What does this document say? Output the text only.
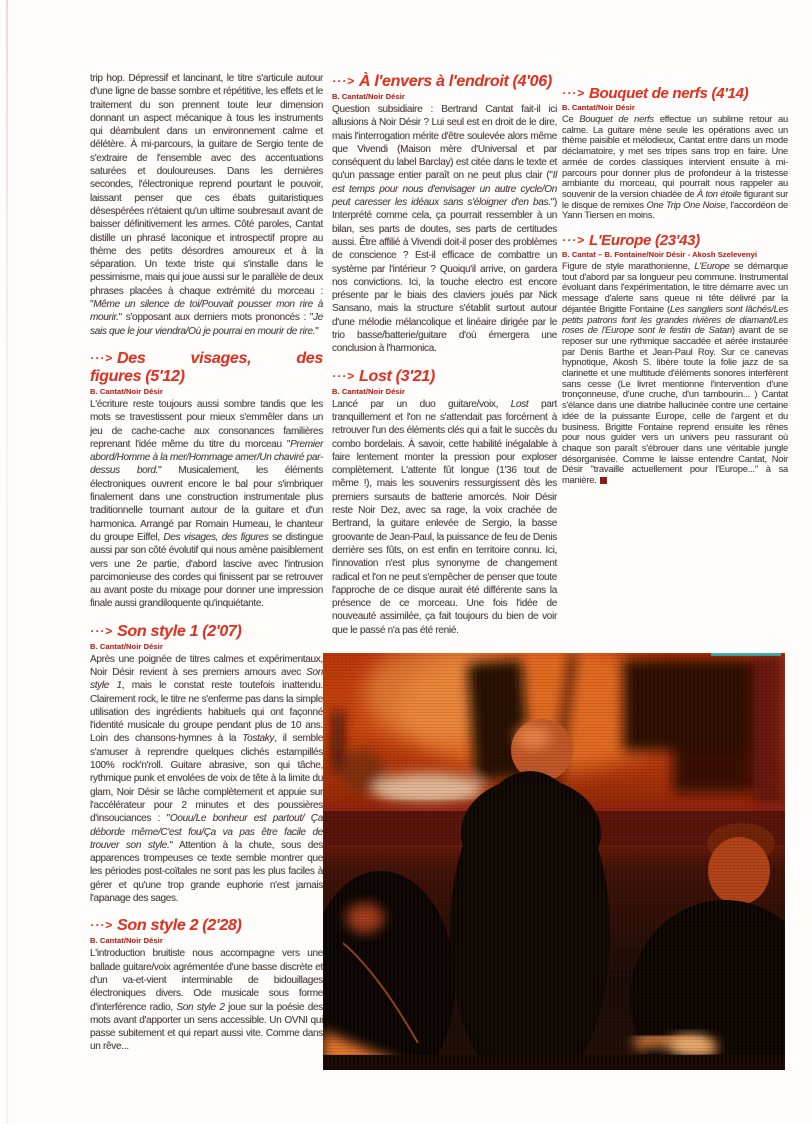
trip hop. Dépressif et lancinant, le titre s'articule autour d'une ligne de basse sombre et répétitive, les effets et le traitement du son prennent toute leur dimension donnant un aspect mécanique à tous les instruments qui déambulent dans un environnement calme et délétère. À mi-parcours, la guitare de Sergio tente de s'extraire de l'ensemble avec des accentuations saturées et douloureuses. Dans les dernières secondes, l'électronique reprend pourtant le pouvoir, laissant penser que ces ébats guitaristiques désespérées n'étaient qu'un ultime soubresaut avant de baisser définitivement les armes. Côté paroles, Cantat distille un phrasé laconique et introspectif propre au thème des petits désordres amoureux et à la séparation. Un texte triste qui s'installe dans le pessimisme, mais qui joue aussi sur le parallèle de deux phrases placées à chaque extrémité du morceau : "Même un silence de toi/Pouvait pousser mon rire à mourir." s'opposant aux derniers mots prononcés : "Je sais que le jour viendra/Où je pourrai en mourir de rire."

···> Des visages, des figures (5'12)
B. Cantat/Noir Désir

L'écriture reste toujours aussi sombre tandis que les mots se travestissent pour mieux s'emmêler dans un jeu de cache-cache aux consonances familières reprenant l'idée même du titre du morceau "Premier abord/Homme à la mer/Hommage amer/Un chaviré par-dessus bord." Musicalement, les éléments électroniques ouvrent encore le bal pour s'imbriquer finalement dans une construction instrumentale plus traditionnelle tournant autour de la guitare et d'un harmonica. Arrangé par Romain Humeau, le chanteur du groupe Eiffel, Des visages, des figures se distingue aussi par son côté évolutif qui nous amène paisiblement vers une 2e partie, d'abord lascive avec l'intrusion parcimonieuse des cordes qui finissent par se retrouver au avant poste du mixage pour donner une impression finale aussi grandiloquente qu'inquiétante.

···> Son style 1 (2'07)
B. Cantat/Noir Désir

Après une poignée de titres calmes et expérimentaux, Noir Désir revient à ses premiers amours avec Son style 1, mais le constat reste toutefois inattendu. Clairement rock, le titre ne s'enferme pas dans la simple utilisation des ingrédients habituels qui ont façonné l'identité musicale du groupe pendant plus de 10 ans. Loin des chansons-hymnes à la Tostaky, il semble s'amuser à reprendre quelques clichés estampillés 100% rock'n'roll. Guitare abrasive, son qui tâche, rythmique punk et envolées de voix de tête à la limite du glam, Noir Désir se lâche complètement et appuie sur l'accélérateur pour 2 minutes et des poussières d'insouciances : "Oouu/Le bonheur est partout/ Ça déborde même/C'est fou/Ça va pas être facile de trouver son style." Attention à la chute, sous des apparences trompeuses ce texte semble montrer que les périodes post-coïtales ne sont pas les plus faciles à gérer et qu'une trop grande euphorie n'est jamais l'apanage des sages.

···> Son style 2 (2'28)
B. Cantat/Noir Désir

L'introduction bruitiste nous accompagne vers une ballade guitare/voix agrémentée d'une basse discrète et d'un va-et-vient interminable de bidouillages électroniques divers. Ode musicale sous forme d'interférence radio, Son style 2 joue sur la poésie des mots avant d'apporter un sens accessible. Un OVNI qui passe subitement et qui repart aussi vite. Comme dans un rêve...

···> À l'envers à l'endroit (4'06)
B. Cantat/Noir Désir

Question subsidiaire : Bertrand Cantat fait-il ici allusions à Noir Désir ? Lui seul est en droit de le dire, mais l'interrogation mérite d'être soulevée alors même que Vivendi (Maison mère d'Universal et par conséquent du label Barclay) est citée dans le texte et qu'un passage entier paraît on ne peut plus clair ("Il est temps pour nous d'envisager un autre cycle/On peut caresser les idéaux sans s'éloigner d'en bas.") Interprété comme cela, ça pourrait ressembler à un bilan, ses parts de doutes, ses parts de certitudes aussi. Être affilié à Vivendi doit-il poser des problèmes de conscience ? Est-il efficace de combattre un système par l'intérieur ? Quoiqu'il arrive, on gardera nos convictions. Ici, la touche electro est encore présente par le biais des claviers joués par Nick Sansano, mais la structure s'établit surtout autour d'une mélodie mélancolique et linéaire dirigée par le trio basse/batterie/guitare d'où émergera une conclusion à l'harmonica.

···> Lost (3'21)
B. Cantat/Noir Désir

Lancé par un duo guitare/voix, Lost part tranquillement et l'on ne s'attendait pas forcément à retrouver l'un des éléments clés qui a fait le succès du combo bordelais. À savoir, cette habilité inégalable à faire lentement monter la pression pour exploser complètement. L'attente fût longue (1'36 tout de même !), mais les souvenirs ressurgissent dès les premiers sursauts de batterie amorcés. Noir Désir reste Noir Dez, avec sa rage, la voix crachée de Bertrand, la guitare enlevée de Sergio, la basse groovante de Jean-Paul, la puissance de feu de Denis derrière ses fûts, on est enfin en territoire connu. Ici, l'innovation n'est plus synonyme de changement radical et l'on ne peut s'empêcher de penser que toute l'approche de ce disque aurait été différente sans la présence de ce morceau. Une fois l'idée de nouveauté assimilée, ça fait toujours du bien de voir que le passé n'a pas été renié.

···> Bouquet de nerfs (4'14)
B. Cantat/Noir Désir

Ce Bouquet de nerfs effectue un sublime retour au calme. La guitare mène seule les opérations avec un thème paisible et mélodieux, Cantat entre dans un mode déclamatoire, y met ses tripes sans trop en faire. Une armée de cordes classiques intervient ensuite à mi-parcours pour donner plus de profondeur à la tristesse ambiante du morceau, qui pourrait nous rappeler au souvenir de la version chiadée de À ton étoile figurant sur le disque de remixes One Trip One Noise, l'accordéon de Yann Tiersen en moins.

···> L'Europe (23'43)
B. Cantat – B. Fontaine/Noir Désir - Akosh Szelevenyi

Figure de style marathonienne, L'Europe se démarque tout d'abord par sa longueur peu commune. Instrumental évoluant dans l'expérimentation, le titre démarre avec un message d'alerte sans queue ni tête délivré par la déjantée Brigitte Fontaine (Les sangliers sont lâchés/Les petits patrons font les grandes rivières de diamant/Les roses de l'Europe sont le festin de Satan) avant de se reposer sur une rythmique saccadée et aérée instaurée par Denis Barthe et Jean-Paul Roy. Sur ce canevas hypnotique, Akosh S. libère toute la folie jazz de sa clarinette et une multitude d'éléments sonores interfèrent sans cesse (Le livret mentionne l'intervention d'une tronçonneuse, d'une cruche, d'un tambourin... ) Cantat s'élance dans une diatribe hallucinée contre une certaine idée de la puissante Europe, celle de l'argent et du business. Brigitte Fontaine reprend ensuite les rênes pour nous guider vers un univers peu rassurant où chaque son paraît s'ébrouer dans une véritable jungle désorganisée. Comme le laisse entendre Cantat, Noir Désir "travaille actuellement pour l'Europe..." à sa manière.
